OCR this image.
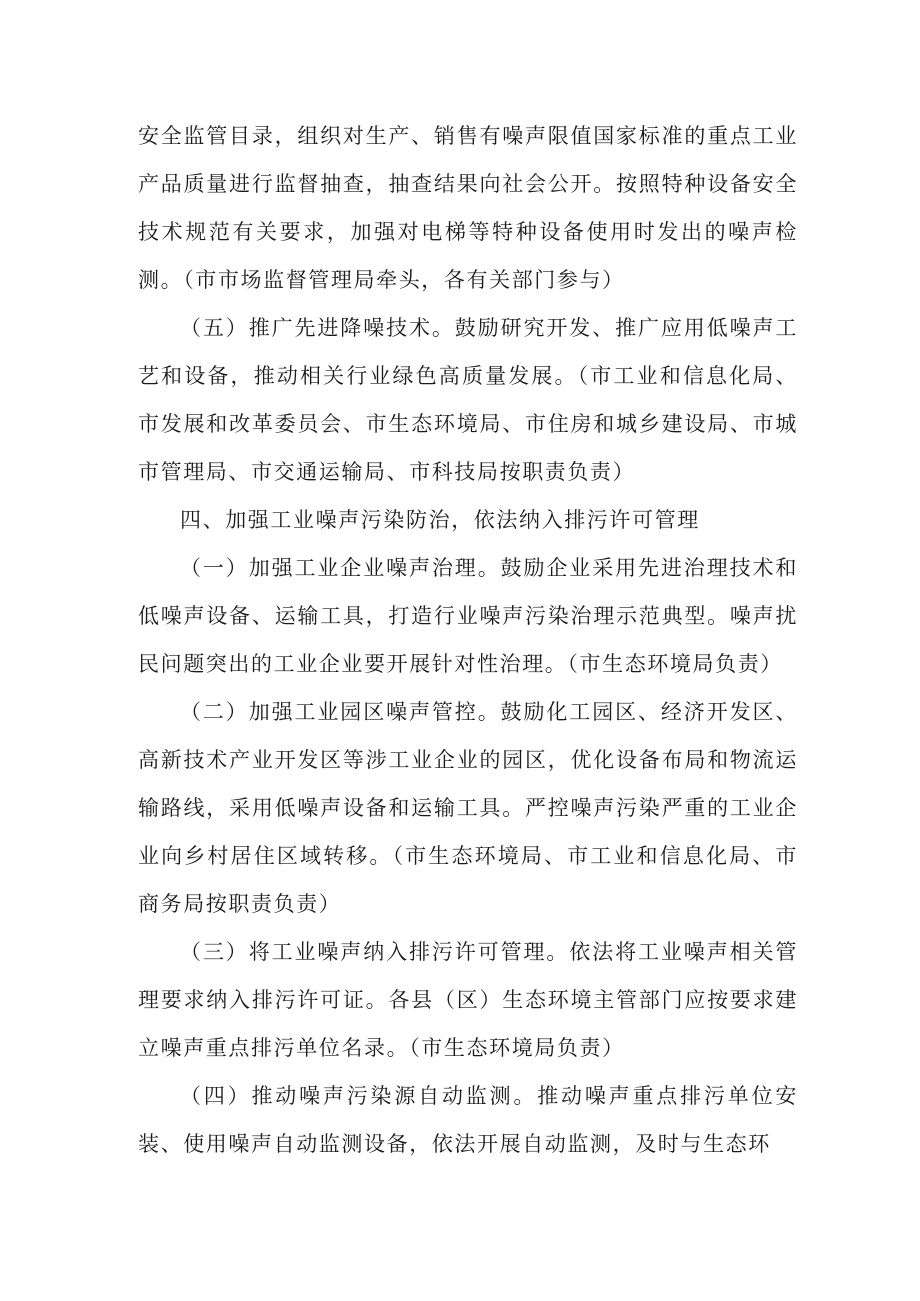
安全监管目录，组织对生产、销售有噪声限值国家标准的重点工业产品质量进行监督抽查，抽查结果向社会公开。按照特种设备安全技术规范有关要求，加强对电梯等特种设备使用时发出的噪声检测。（市市场监督管理局牵头，各有关部门参与）

（五）推广先进降噪技术。鼓励研究开发、推广应用低噪声工艺和设备，推动相关行业绿色高质量发展。（市工业和信息化局、市发展和改革委员会、市生态环境局、市住房和城乡建设局、市城市管理局、市交通运输局、市科技局按职责负责）

四、加强工业噪声污染防治，依法纳入排污许可管理

（一）加强工业企业噪声治理。鼓励企业采用先进治理技术和低噪声设备、运输工具，打造行业噪声污染治理示范典型。噪声扰民问题突出的工业企业要开展针对性治理。（市生态环境局负责）

（二）加强工业园区噪声管控。鼓励化工园区、经济开发区、高新技术产业开发区等涉工业企业的园区，优化设备布局和物流运输路线，采用低噪声设备和运输工具。严控噪声污染严重的工业企业向乡村居住区域转移。（市生态环境局、市工业和信息化局、市商务局按职责负责）

（三）将工业噪声纳入排污许可管理。依法将工业噪声相关管理要求纳入排污许可证。各县（区）生态环境主管部门应按要求建立噪声重点排污单位名录。（市生态环境局负责）

（四）推动噪声污染源自动监测。推动噪声重点排污单位安装、使用噪声自动监测设备，依法开展自动监测，及时与生态环
